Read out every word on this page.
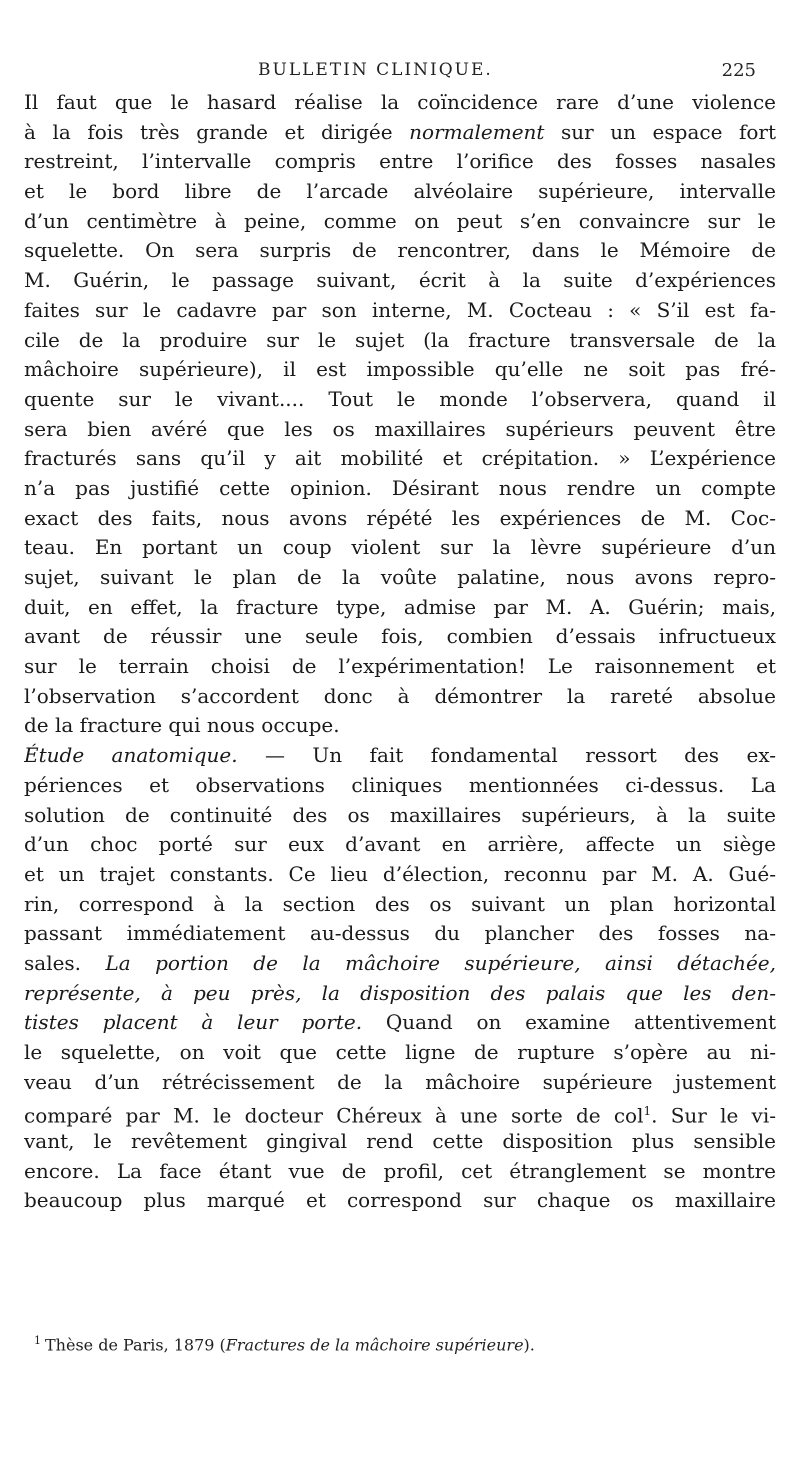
BULLETIN CLINIQUE.	225
Il faut que le hasard réalise la coïncidence rare d’une violence
à la fois très grande et dirigée normalement sur un espace fort
restreint, l’intervalle compris entre l’orifice des fosses nasales
et le bord libre de l’arcade alvéolaire supérieure, intervalle
d’un centimètre à peine, comme on peut s’en convaincre sur le
squelette. On sera surpris de rencontrer, dans le Mémoire de
M. Guérin, le passage suivant, écrit à la suite d’expériences
faites sur le cadavre par son interne, M. Cocteau : « S’il est fa-
cile de la produire sur le sujet (la fracture transversale de la
mâchoire supérieure), il est impossible qu’elle ne soit pas fré-
quente sur le vivant.... Tout le monde l’observera, quand il
sera bien avéré que les os maxillaires supérieurs peuvent être
fracturés sans qu’il y ait mobilité et crépitation. » L’expérience
n’a pas justifié cette opinion. Désirant nous rendre un compte
exact des faits, nous avons répété les expériences de M. Coc-
teau. En portant un coup violent sur la lèvre supérieure d’un
sujet, suivant le plan de la voûte palatine, nous avons repro-
duit, en effet, la fracture type, admise par M. A. Guérin; mais,
avant de réussir une seule fois, combien d’essais infructueux
sur le terrain choisi de l’expérimentation! Le raisonnement et
l’observation s’accordent donc à démontrer la rareté absolue
de la fracture qui nous occupe.
Étude anatomique. — Un fait fondamental ressort des ex-
périences et observations cliniques mentionnées ci-dessus. La
solution de continuité des os maxillaires supérieurs, à la suite
d’un choc porté sur eux d’avant en arrière, affecte un siège
et un trajet constants. Ce lieu d’élection, reconnu par M. A. Gué-
rin, correspond à la section des os suivant un plan horizontal
passant immédiatement au-dessus du plancher des fosses na-
sales. La portion de la mâchoire supérieure, ainsi détachée,
représente, à peu près, la disposition des palais que les den-
tistes placent à leur porte. Quand on examine attentivement
le squelette, on voit que cette ligne de rupture s’opère au ni-
veau d’un rétrécissement de la mâchoire supérieure justement
comparé par M. le docteur Chéreux à une sorte de col$^1$. Sur le vi-
vant, le revêtement gingival rend cette disposition plus sensible
encore. La face étant vue de profil, cet étranglement se montre
beaucoup plus marqué et correspond sur chaque os maxillaire
$^1$ Thèse de Paris, 1879 (Fractures de la mâchoire supérieure).
